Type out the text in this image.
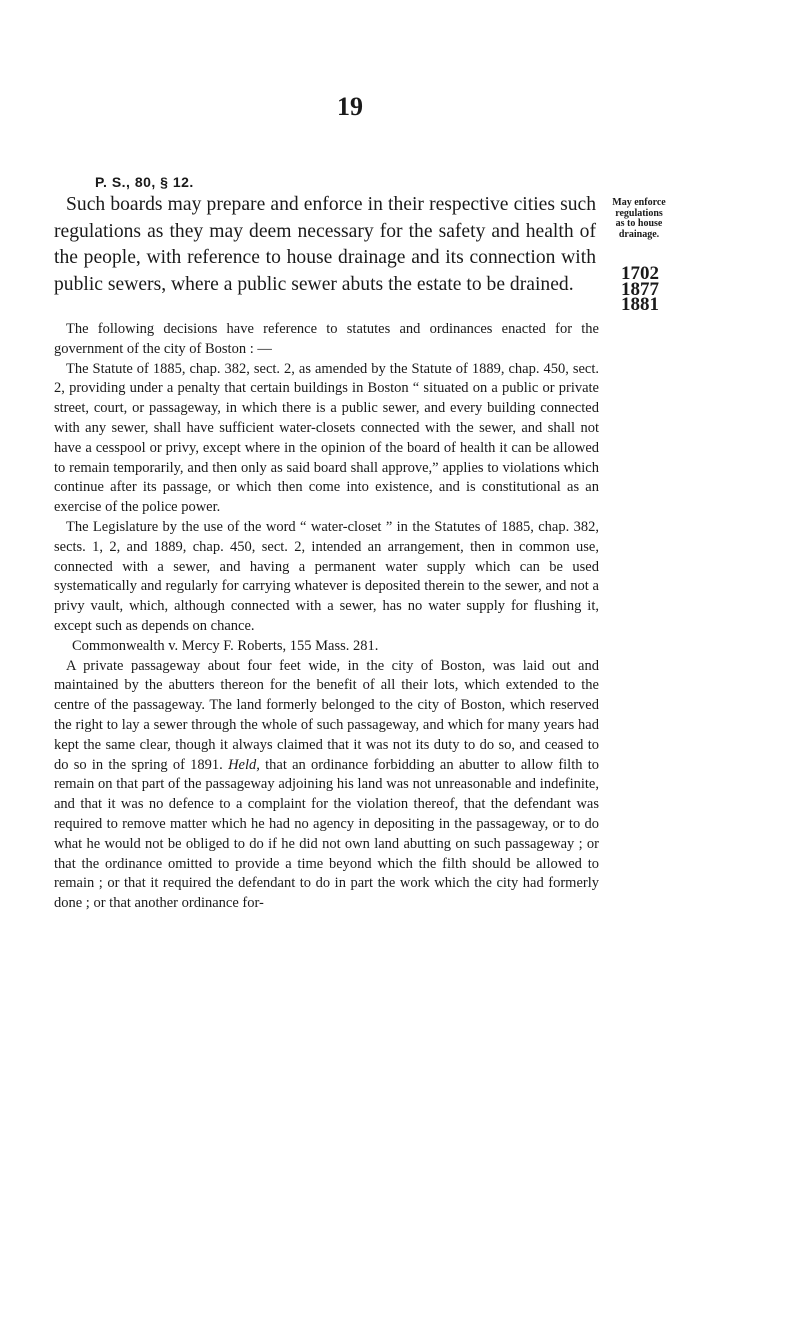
19
P. S., 80, § 12.
Such boards may prepare and enforce in their respective cities such regulations as they may deem necessary for the safety and health of the people, with reference to house drainage and its connection with public sewers, where a public sewer abuts the estate to be drained.
May enforce
regulations
as to house
drainage.
1702
1877
1881

The following decisions have reference to statutes and ordinances enacted for the government of the city of Boston : —

The Statute of 1885, chap. 382, sect. 2, as amended by the Statute of 1889, chap. 450, sect. 2, providing under a penalty that certain buildings in Boston “ situated on a public or private street, court, or passageway, in which there is a public sewer, and every building connected with any sewer, shall have sufficient water-closets connected with the sewer, and shall not have a cesspool or privy, except where in the opinion of the board of health it can be allowed to remain temporarily, and then only as said board shall approve,” applies to violations which continue after its passage, or which then come into existence, and is constitutional as an exercise of the police power.

The Legislature by the use of the word “ water-closet ” in the Statutes of 1885, chap. 382, sects. 1, 2, and 1889, chap. 450, sect. 2, intended an arrangement, then in common use, connected with a sewer, and having a permanent water supply which can be used systematically and regularly for carrying whatever is deposited therein to the sewer, and not a privy vault, which, although connected with a sewer, has no water supply for flushing it, except such as depends on chance.

Commonwealth v. Mercy F. Roberts, 155 Mass. 281.

A private passageway about four feet wide, in the city of Boston, was laid out and maintained by the abutters thereon for the benefit of all their lots, which extended to the centre of the passageway. The land formerly belonged to the city of Boston, which reserved the right to lay a sewer through the whole of such passageway, and which for many years had kept the same clear, though it always claimed that it was not its duty to do so, and ceased to do so in the spring of 1891. Held, that an ordinance forbidding an abutter to allow filth to remain on that part of the passageway adjoining his land was not unreasonable and indefinite, and that it was no defence to a complaint for the violation thereof, that the defendant was required to remove matter which he had no agency in depositing in the passageway, or to do what he would not be obliged to do if he did not own land abutting on such passageway ; or that the ordinance omitted to provide a time beyond which the filth should be allowed to remain ; or that it required the defendant to do in part the work which the city had formerly done ; or that another ordinance for-
